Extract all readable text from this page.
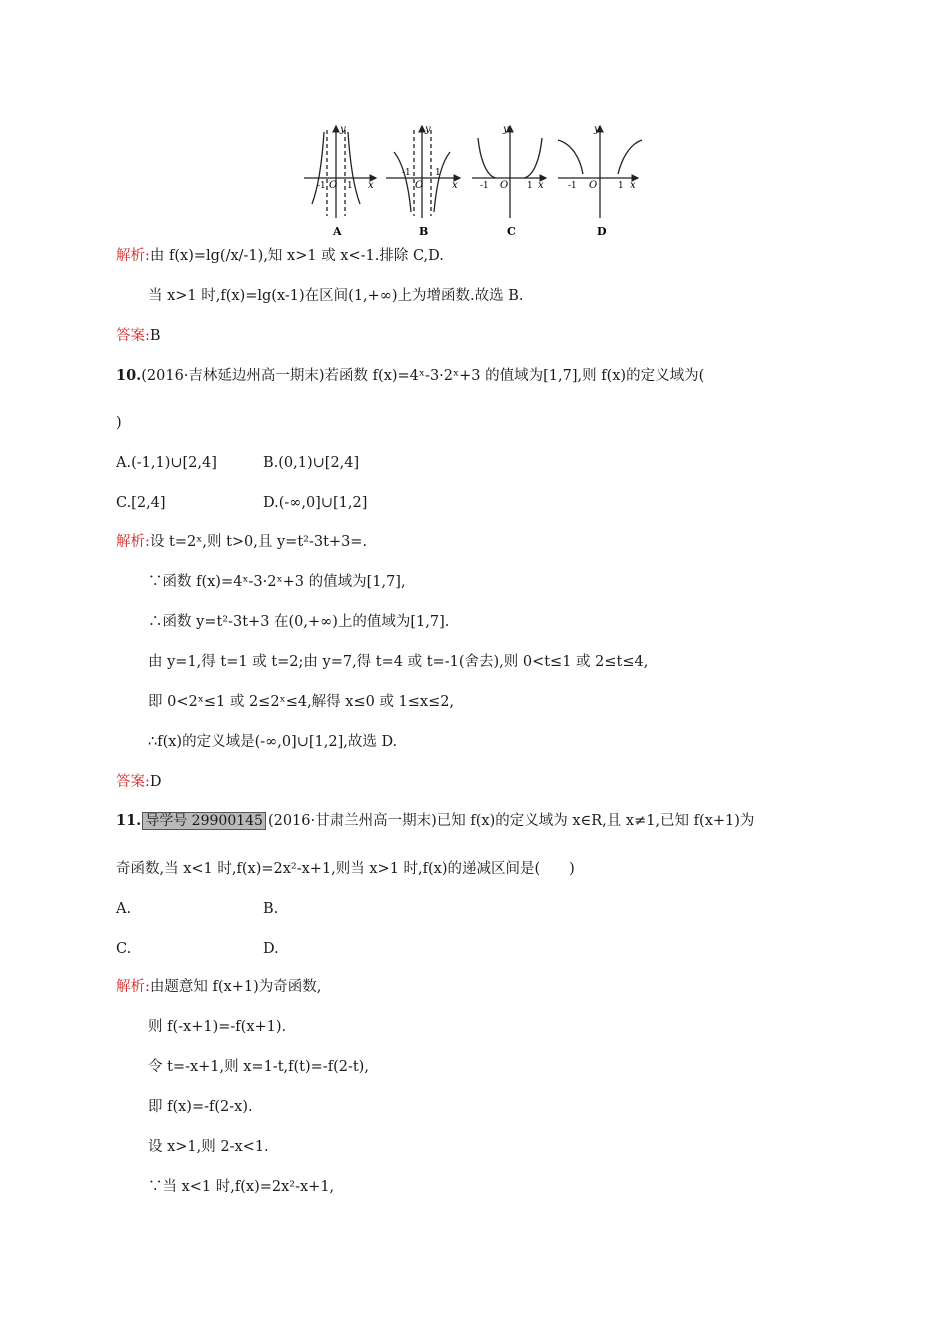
y
x
O
-1 1
A
y
x
O
-1	1
B
y
x
O
-1	1
C
y
x
O
-1	1
D
解析:由 f(x)=lg(/x/-1),知 x>1 或 x<-1.排除 C,D.
当 x>1 时,f(x)=lg(x-1)在区间(1,+∞)上为增函数.故选 B.
答案:B
10.(2016·吉林延边州高一期末)若函数 f(x)=4ˣ-3·2ˣ+3 的值域为[1,7],则 f(x)的定义域为(
)
A.(-1,1)∪[2,4]	B.(0,1)∪[2,4]
C.[2,4]	D.(-∞,0]∪[1,2]
解析:设 t=2ˣ,则 t>0,且 y=t²-3t+3=.
∵函数 f(x)=4ˣ-3·2ˣ+3 的值域为[1,7],
∴函数 y=t²-3t+3 在(0,+∞)上的值域为[1,7].
由 y=1,得 t=1 或 t=2;由 y=7,得 t=4 或 t=-1(舍去),则 0<t≤1 或 2≤t≤4,
即 0<2ˣ≤1 或 2≤2ˣ≤4,解得 x≤0 或 1≤x≤2,
∴f(x)的定义域是(-∞,0]∪[1,2],故选 D.
答案:D
11. 导学号 29900145 (2016·甘肃兰州高一期末)已知 f(x)的定义域为 x∈R,且 x≠1,已知 f(x+1)为
奇函数,当 x<1 时,f(x)=2x²-x+1,则当 x>1 时,f(x)的递减区间是(　　)
A.	B.
C.	D.
解析:由题意知 f(x+1)为奇函数,
则 f(-x+1)=-f(x+1).
令 t=-x+1,则 x=1-t,f(t)=-f(2-t),
即 f(x)=-f(2-x).
设 x>1,则 2-x<1.
∵当 x<1 时,f(x)=2x²-x+1,
